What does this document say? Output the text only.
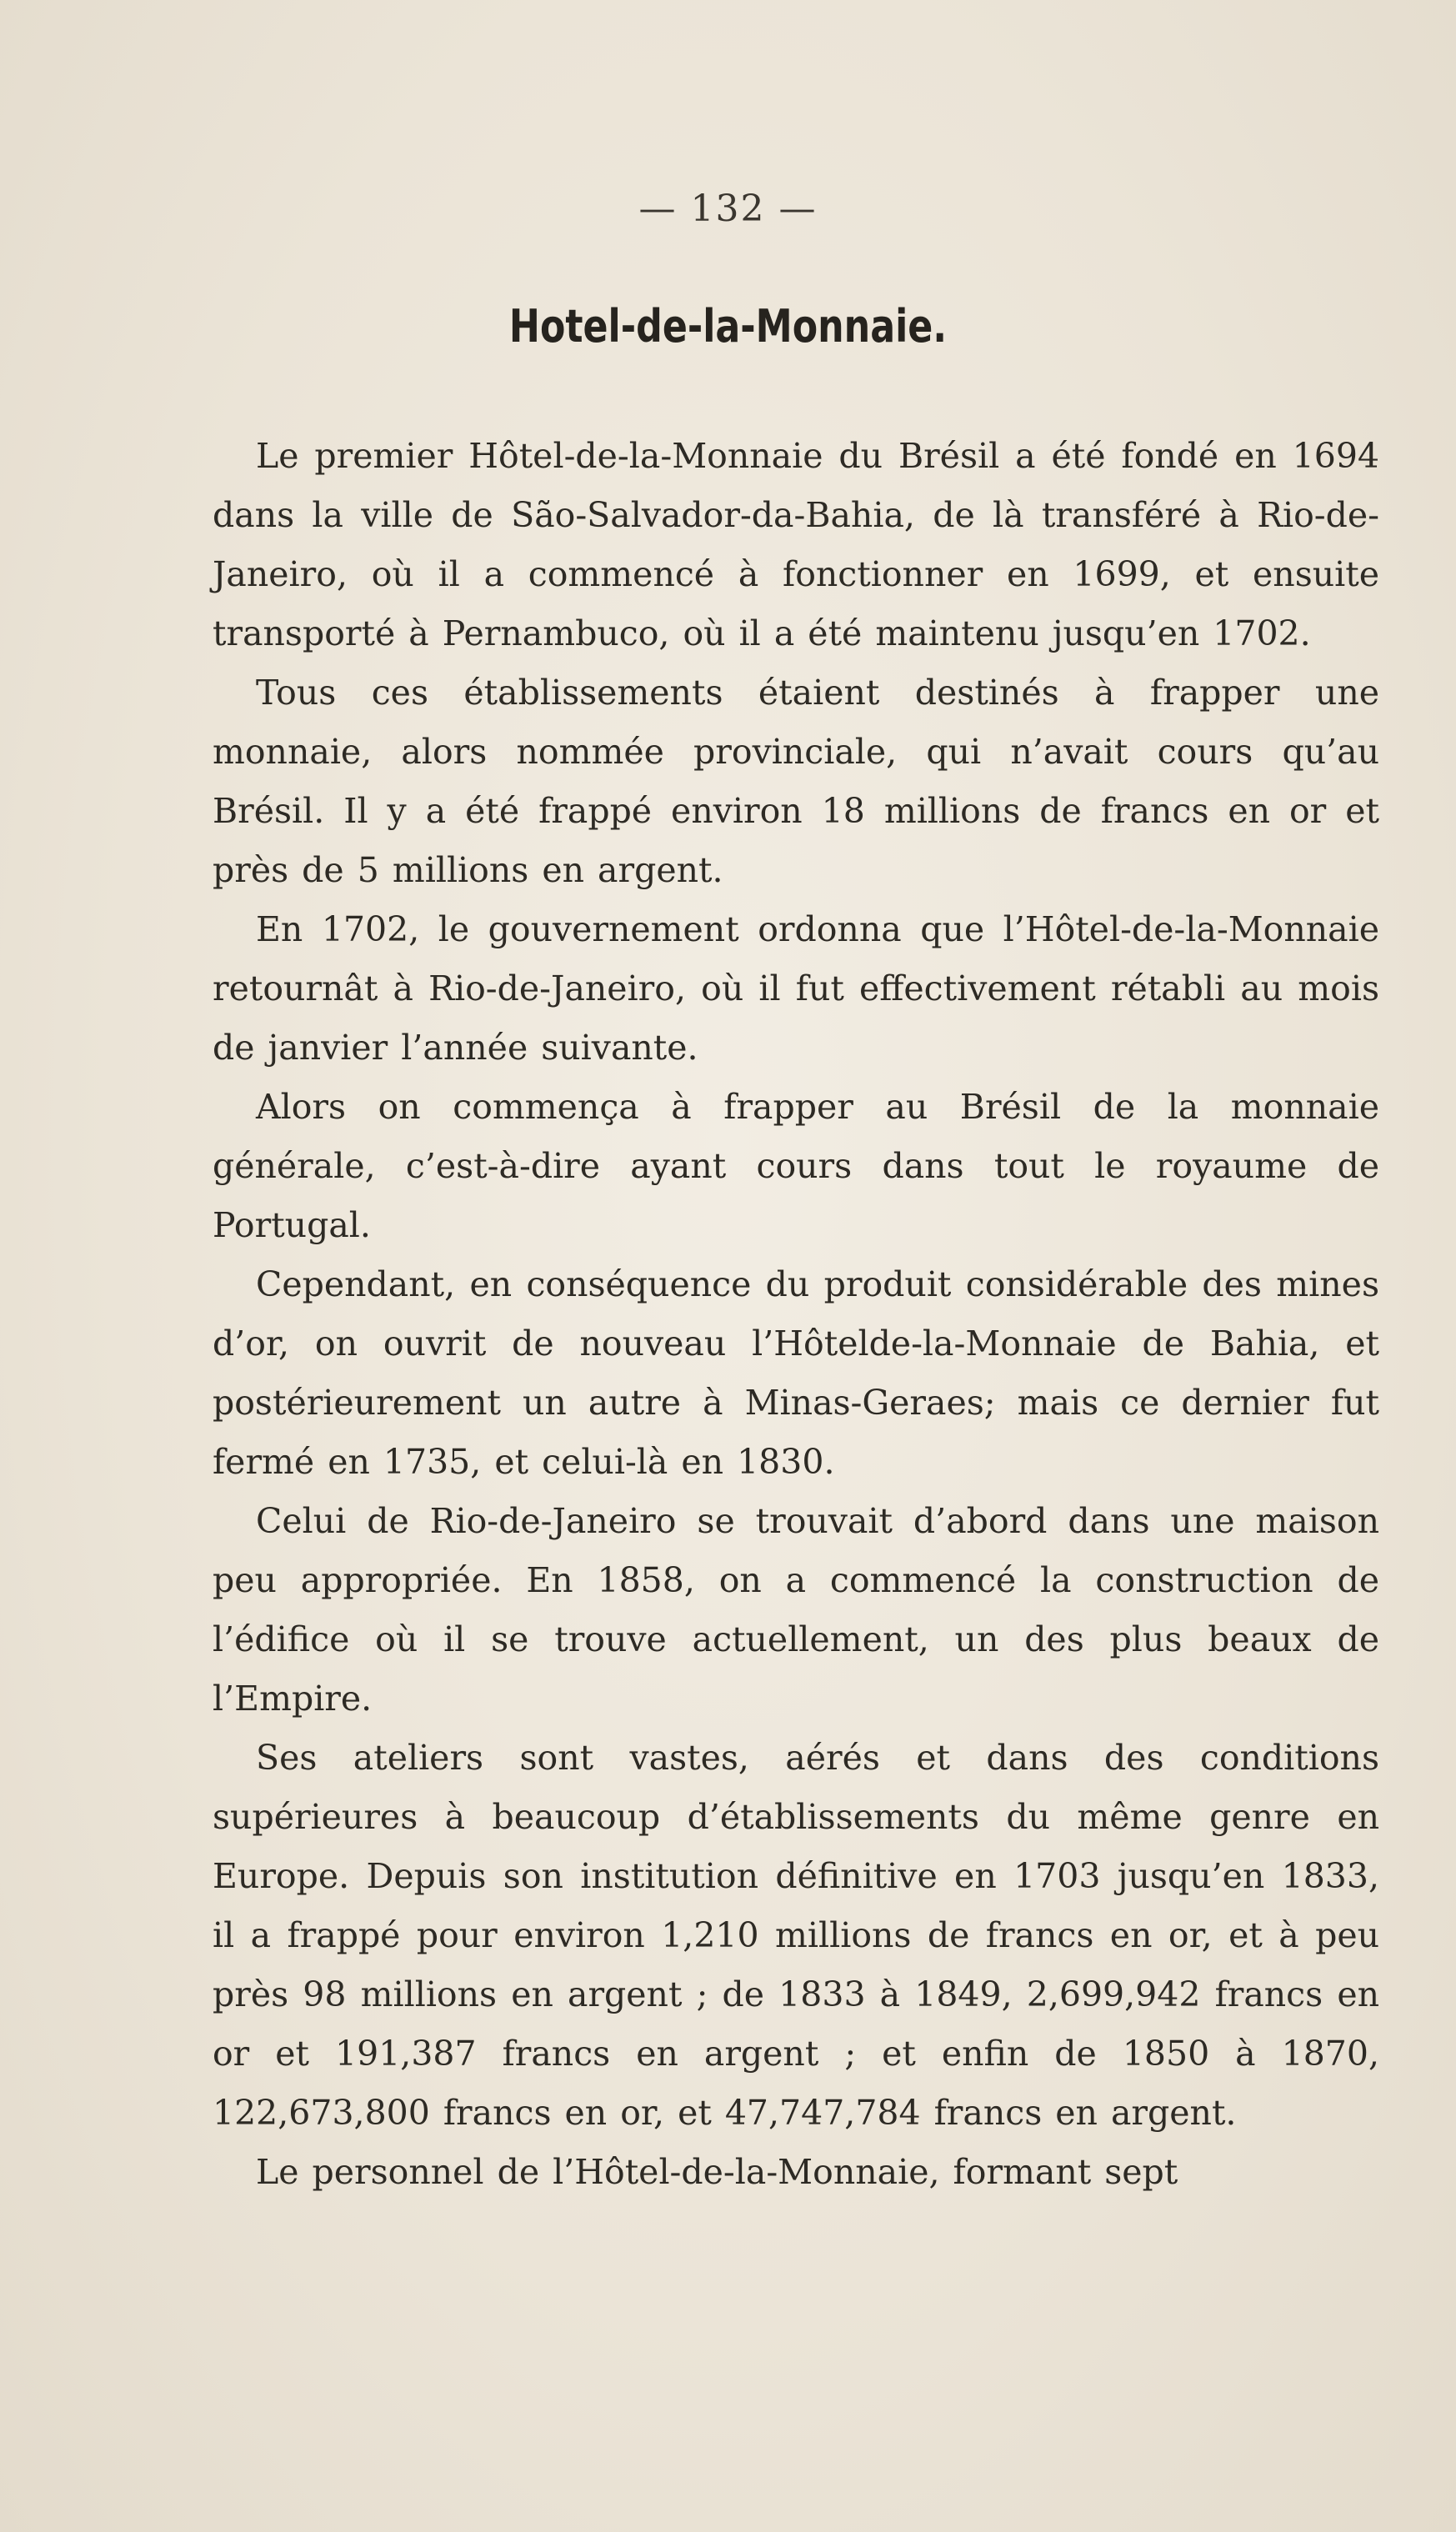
— 132 —
Hotel-de-la-Monnaie.

Le premier Hôtel-de-la-Monnaie du Brésil a été fondé en 1694 dans la ville de São-Salvador-da-Bahia, de là transféré à Rio-de-Janeiro, où il a commencé à fonctionner en 1699, et ensuite transporté à Pernambuco, où il a été maintenu jusqu’en 1702.

Tous ces établissements étaient destinés à frapper une monnaie, alors nommée provinciale, qui n’avait cours qu’au Brésil. Il y a été frappé environ 18 millions de francs en or et près de 5 millions en argent.

En 1702, le gouvernement ordonna que l’Hôtel-de-la-Monnaie retournât à Rio-de-Janeiro, où il fut effectivement rétabli au mois de janvier l’année suivante.

Alors on commença à frapper au Brésil de la monnaie générale, c’est-à-dire ayant cours dans tout le royaume de Portugal.

Cependant, en conséquence du produit considérable des mines d’or, on ouvrit de nouveau l’Hôtelde-la-Monnaie de Bahia, et postérieurement un autre à Minas-Geraes; mais ce dernier fut fermé en 1735, et celui-là en 1830.

Celui de Rio-de-Janeiro se trouvait d’abord dans une maison peu appropriée. En 1858, on a commencé la construction de l’édifice où il se trouve actuellement, un des plus beaux de l’Empire.

Ses ateliers sont vastes, aérés et dans des conditions supérieures à beaucoup d’établissements du même genre en Europe. Depuis son institution définitive en 1703 jusqu’en 1833, il a frappé pour environ 1,210 millions de francs en or, et à peu près 98 millions en argent ; de 1833 à 1849, 2,699,942 francs en or et 191,387 francs en argent ; et enfin de 1850 à 1870, 122,673,800 francs en or, et 47,747,784 francs en argent.

Le personnel de l’Hôtel-de-la-Monnaie, formant sept
